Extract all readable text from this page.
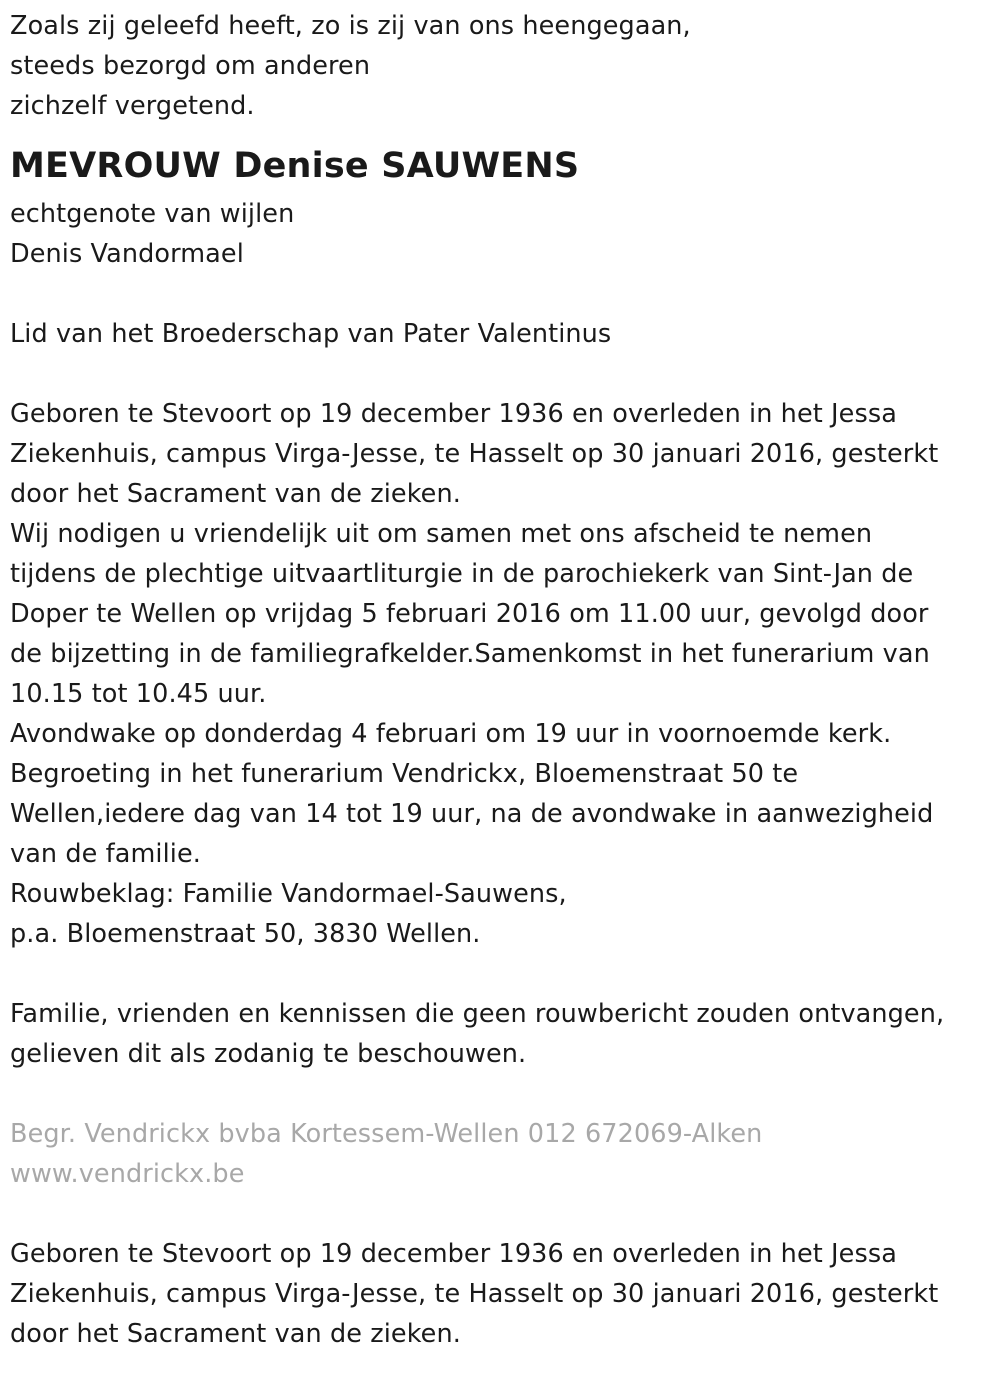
Zoals zij geleefd heeft, zo is zij van ons heengegaan,
steeds bezorgd om anderen
zichzelf vergetend.
MEVROUW Denise SAUWENS
echtgenote van wijlen
Denis Vandormael
Lid van het Broederschap van Pater Valentinus
Geboren te Stevoort op 19 december 1936 en overleden in het Jessa
Ziekenhuis, campus Virga-Jesse, te Hasselt op 30 januari 2016, gesterkt
door het Sacrament van de zieken.
Wij nodigen u vriendelijk uit om samen met ons afscheid te nemen
tijdens de plechtige uitvaartliturgie in de parochiekerk van Sint-Jan de
Doper te Wellen op vrijdag 5 februari 2016 om 11.00 uur, gevolgd door
de bijzetting in de familiegrafkelder.Samenkomst in het funerarium van
10.15 tot 10.45 uur.
Avondwake op donderdag 4 februari om 19 uur in voornoemde kerk.
Begroeting in het funerarium Vendrickx, Bloemenstraat 50 te
Wellen,iedere dag van 14 tot 19 uur, na de avondwake in aanwezigheid
van de familie.
Rouwbeklag: Familie Vandormael-Sauwens,
p.a. Bloemenstraat 50, 3830 Wellen.
Familie, vrienden en kennissen die geen rouwbericht zouden ontvangen,
gelieven dit als zodanig te beschouwen.
Begr. Vendrickx bvba Kortessem-Wellen 012 672069-Alken
www.vendrickx.be
Geboren te Stevoort op 19 december 1936 en overleden in het Jessa
Ziekenhuis, campus Virga-Jesse, te Hasselt op 30 januari 2016, gesterkt
door het Sacrament van de zieken.
